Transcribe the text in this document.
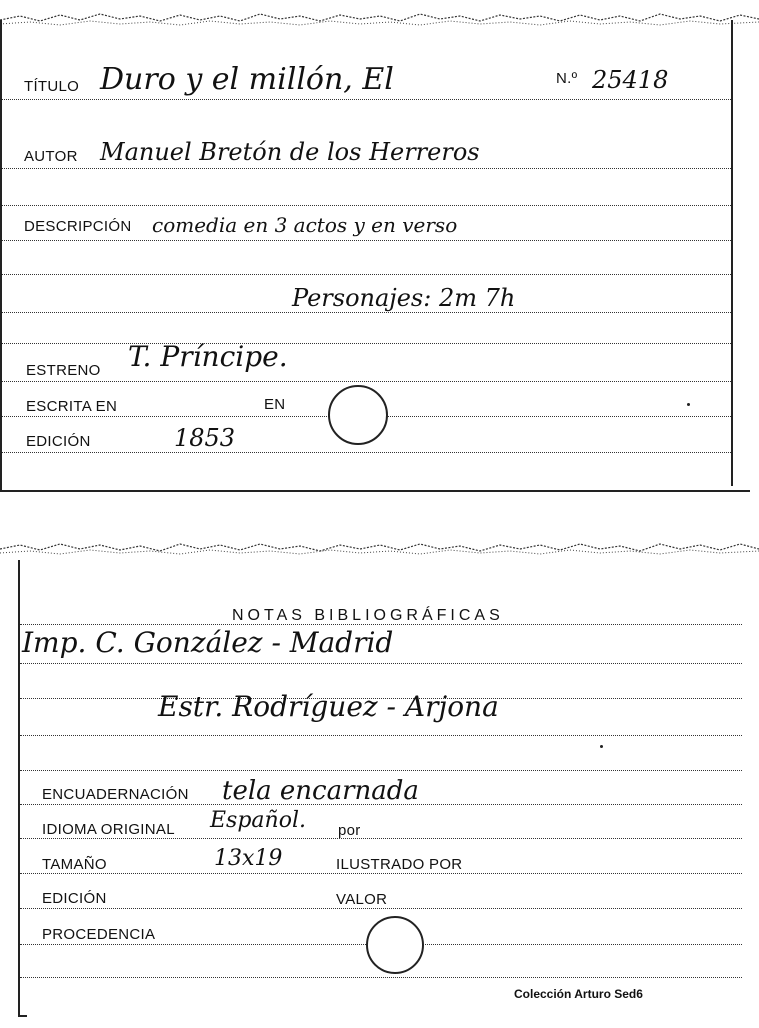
TÍTULO Duro y el millón, El	N.º 25418
AUTOR Manuel Bretón de los Herreros
DESCRIPCIÓN comedia en 3 actos y en verso
Personajes: 2m 7h
ESTRENO T. Príncipe.
ESCRITA EN	EN
EDICIÓN	1853
NOTAS BIBLIOGRÁFICAS
Imp. C. González - Madrid
Estr. Rodríguez - Arjona
ENCUADERNACIÓN tela encarnada
IDIOMA ORIGINAL Español. por
TAMAÑO	13x19	ILUSTRADO POR
EDICIÓN	VALOR
PROCEDENCIA
Colección Arturo Sed6
